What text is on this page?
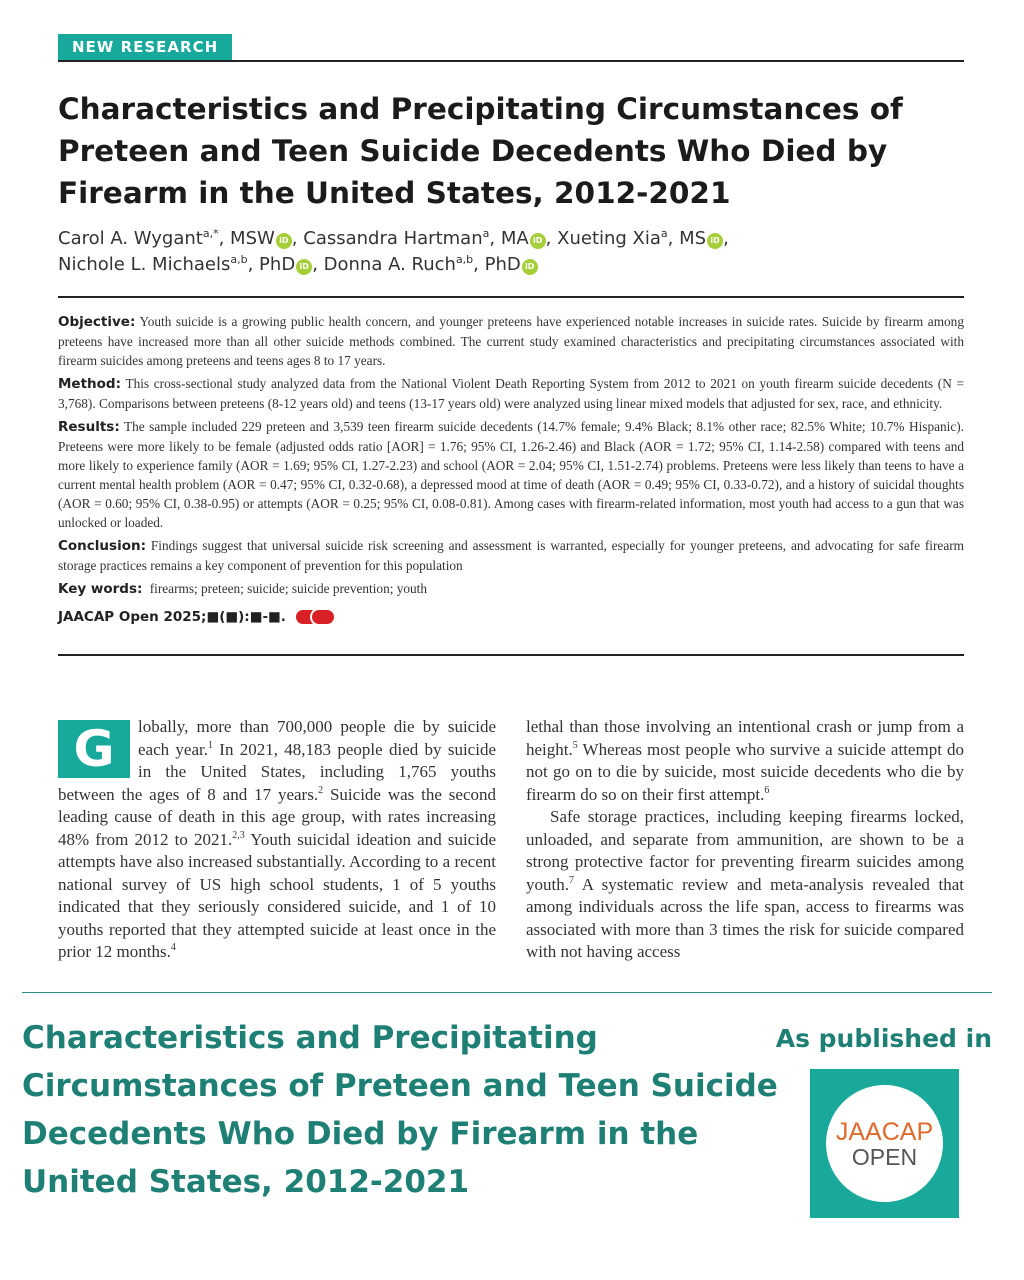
NEW RESEARCH
Characteristics and Precipitating Circumstances of Preteen and Teen Suicide Decedents Who Died by Firearm in the United States, 2012-2021
Carol A. Wygant$^{a,*}$, MSW iD , Cassandra Hartman$^a$, MA iD , Xueting Xia$^a$, MS iD ,
Nichole L. Michaels$^{a,b}$, PhD iD , Donna A. Ruch$^{a,b}$, PhD iD

Objective: Youth suicide is a growing public health concern, and younger preteens have experienced notable increases in suicide rates. Suicide by firearm among preteens have increased more than all other suicide methods combined. The current study examined characteristics and precipitating circumstances associated with firearm suicides among preteens and teens ages 8 to 17 years.

Method: This cross-sectional study analyzed data from the National Violent Death Reporting System from 2012 to 2021 on youth firearm suicide decedents (N = 3,768). Comparisons between preteens (8-12 years old) and teens (13-17 years old) were analyzed using linear mixed models that adjusted for sex, race, and ethnicity.

Results: The sample included 229 preteen and 3,539 teen firearm suicide decedents (14.7% female; 9.4% Black; 8.1% other race; 82.5% White; 10.7% Hispanic). Preteens were more likely to be female (adjusted odds ratio [AOR] = 1.76; 95% CI, 1.26-2.46) and Black (AOR = 1.72; 95% CI, 1.14-2.58) compared with teens and more likely to experience family (AOR = 1.69; 95% CI, 1.27-2.23) and school (AOR = 2.04; 95% CI, 1.51-2.74) problems. Preteens were less likely than teens to have a current mental health problem (AOR = 0.47; 95% CI, 0.32-0.68), a depressed mood at time of death (AOR = 0.49; 95% CI, 0.33-0.72), and a history of suicidal thoughts (AOR = 0.60; 95% CI, 0.38-0.95) or attempts (AOR = 0.25; 95% CI, 0.08-0.81). Among cases with firearm-related information, most youth had access to a gun that was unlocked or loaded.

Conclusion: Findings suggest that universal suicide risk screening and assessment is warranted, especially for younger preteens, and advocating for safe firearm storage practices remains a key component of prevention for this population

Key words: firearms; preteen; suicide; suicide prevention; youth

JAACAP Open 2025;■(■):■-■.

G	lobally, more than 700,000 people die by suicide each year.$^1$ In 2021, 48,183 people died by suicide in the United States, including 1,765 youths between the ages of 8 and 17 years.$^2$ Suicide was the second leading cause of death in this age group, with rates increasing 48% from 2012 to 2021.$^{2,3}$ Youth suicidal ideation and suicide attempts have also increased substantially. According to a recent national survey of US high school students, 1 of 5 youths indicated that they seriously considered suicide, and 1 of 10 youths reported that they attempted suicide at least once in the prior 12 months.$^4$

lethal than those involving an intentional crash or jump from a height.$^5$ Whereas most people who survive a suicide attempt do not go on to die by suicide, most suicide decedents who die by firearm do so on their first attempt.$^6$

Safe storage practices, including keeping firearms locked, unloaded, and separate from ammunition, are shown to be a strong protective factor for preventing firearm suicides among youth.$^7$ A systematic review and meta-analysis revealed that among individuals across the life span, access to firearms was associated with more than 3 times the risk for suicide compared with not having access

Characteristics and Precipitating Circumstances of Preteen and Teen Suicide Decedents Who Died by Firearm in the United States, 2012-2021
As published in
JAACAP
OPEN
